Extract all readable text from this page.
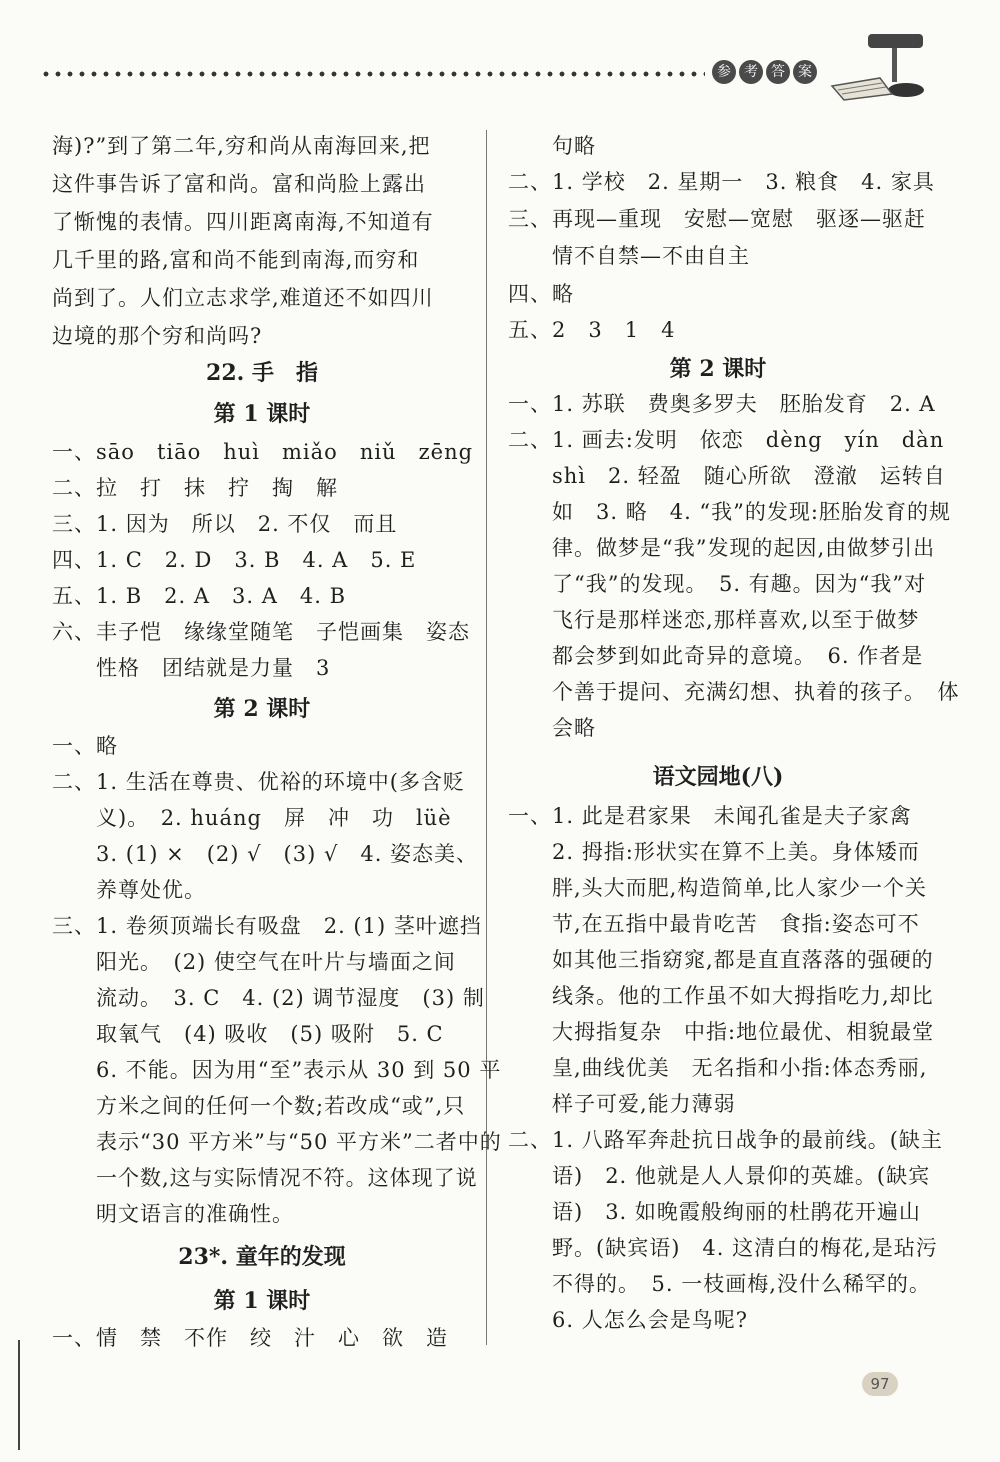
参 考 答 案
海)?”到了第二年,穷和尚从南海回来,把
这件事告诉了富和尚。富和尚脸上露出
了惭愧的表情。四川距离南海,不知道有
几千里的路,富和尚不能到南海,而穷和
尚到了。人们立志求学,难道还不如四川
边境的那个穷和尚吗?
22. 手　指
第 1 课时
一、sāo　tiāo　huì　miǎo　niǔ　zēng
二、拉　打　抹　拧　掏　解
三、1. 因为　所以　2. 不仅　而且
四、1. C　2. D　3. B　4. A　5. E
五、1. B　2. A　3. A　4. B
六、丰子恺　缘缘堂随笔　子恺画集　姿态
　　性格　团结就是力量　3
第 2 课时
一、略
二、1. 生活在尊贵、优裕的环境中(多含贬
　　义)。　2. huáng　屏　冲　功　lüè
　　3. (1) ×　(2) √　(3) √　4. 姿态美、
　　养尊处优。
三、1. 卷须顶端长有吸盘　2. (1) 茎叶遮挡
　　阳光。　(2) 使空气在叶片与墙面之间
　　流动。　3. C　4. (2) 调节湿度　(3) 制
　　取氧气　(4) 吸收　(5) 吸附　5. C
　　6. 不能。因为用“至”表示从 30 到 50 平
　　方米之间的任何一个数;若改成“或”,只
　　表示“30 平方米”与“50 平方米”二者中的
　　一个数,这与实际情况不符。这体现了说
　　明文语言的准确性。
23*. 童年的发现
第 1 课时
一、情　禁　不作　绞　汁　心　欲　造
　　句略
二、1. 学校　2. 星期一　3. 粮食　4. 家具
三、再现—重现　安慰—宽慰　驱逐—驱赶
　　情不自禁—不由自主
四、略
五、2　3　1　4
第 2 课时
一、1. 苏联　费奥多罗夫　胚胎发育　2. A
二、1. 画去:发明　依恋　dèng　yín　dàn
　　shì　2. 轻盈　随心所欲　澄澈　运转自
　　如　3. 略　4. “我”的发现:胚胎发育的规
　　律。做梦是“我”发现的起因,由做梦引出
　　了“我”的发现。　5. 有趣。因为“我”对
　　飞行是那样迷恋,那样喜欢,以至于做梦
　　都会梦到如此奇异的意境。　6. 作者是
　　个善于提问、充满幻想、执着的孩子。　体
　　会略
语文园地(八)
一、1. 此是君家果　未闻孔雀是夫子家禽
　　2. 拇指:形状实在算不上美。身体矮而
　　胖,头大而肥,构造简单,比人家少一个关
　　节,在五指中最肯吃苦　食指:姿态可不
　　如其他三指窈窕,都是直直落落的强硬的
　　线条。他的工作虽不如大拇指吃力,却比
　　大拇指复杂　中指:地位最优、相貌最堂
　　皇,曲线优美　无名指和小指:体态秀丽,
　　样子可爱,能力薄弱
二、1. 八路军奔赴抗日战争的最前线。(缺主
　　语)　2. 他就是人人景仰的英雄。(缺宾
　　语)　3. 如晚霞般绚丽的杜鹃花开遍山
　　野。(缺宾语)　4. 这清白的梅花,是玷污
　　不得的。　5. 一枝画梅,没什么稀罕的。
　　6. 人怎么会是鸟呢?
97
